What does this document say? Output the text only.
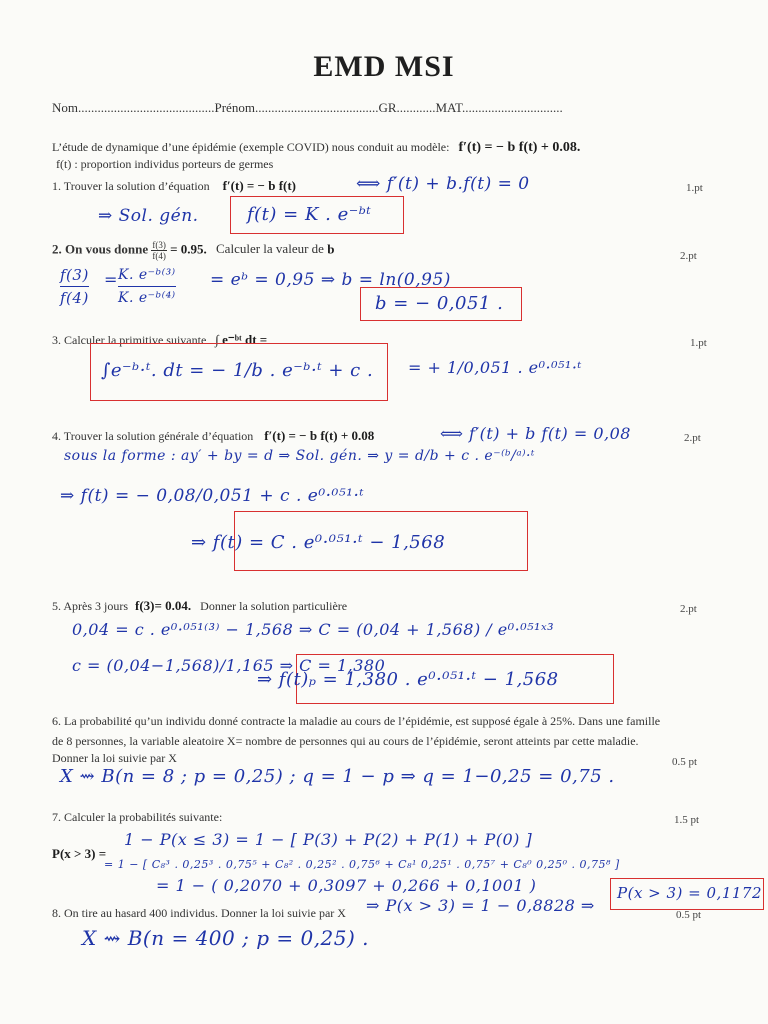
EMD MSI
Nom..........................................Prénom......................................GR............MAT...............................
L’étude de dynamique d’une épidémie (exemple COVID) nous conduit au modèle: f′(t) = − b f(t) + 0.08.
f(t) : proportion individus porteurs de germes
1. Trouver la solution d’équation f′(t) = − b f(t)	1.pt
⟺ f′(t) + b.f(t) = 0
⇒ Sol. gén.	f(t) = K . e⁻ᵇᵗ
2. On vous donne $\frac{f(3)}{f(4)} = 0.95$. Calculer la valeur de b	2.pt
$\frac{f(3)}{f(4)} = \frac{\text{K. e⁻ᵇ⁽³⁾}}{\text{K. e⁻ᵇ⁽⁴⁾}}$ = eᵇ = 0,95 ⇒ b = ln(0,95)
b = − 0,051 .
3. Calculer la primitive suivante ∫ e⁻ᵇᵗ dt =	1.pt
∫e⁻ᵇ·ᵗ. dt = − 1/b . e⁻ᵇ·ᵗ + c . = + 1/0,051 . e⁰·⁰⁵¹·ᵗ
4. Trouver la solution générale d’équation f′(t) = − b f(t) + 0.08	2.pt
⟺ f′(t) + b f(t) = 0,08
sous la forme : ay′ + by = d ⇒ Sol. gén. ⇒ y = d/b + c . e⁻⁽ᵇ/ᵃ⁾·ᵗ
⇒ f(t) = − 0,08/0,051 + c . e⁰·⁰⁵¹·ᵗ
⇒ f(t) = C . e⁰·⁰⁵¹·ᵗ − 1,568
5. Après 3 jours f(3)= 0.04. Donner la solution particulière	2.pt
0,04 = c . e⁰·⁰⁵¹⁽³⁾ − 1,568 ⇒ C = (0,04 + 1,568) / e⁰·⁰⁵¹ˣ³
c = (0,04−1,568)/1,165 ⇒ C = 1,380
⇒ f(t)ₚ = 1,380 . e⁰·⁰⁵¹·ᵗ − 1,568
6. La probabilité qu’un individu donné contracte la maladie au cours de l’épidémie, est supposé égale à 25%. Dans une famille
de 8 personnes, la variable aleatoire X= nombre de personnes qui au cours de l’épidémie, seront atteints par cette maladie.
Donner la loi suivie par X	0.5 pt
X ⇝ B(n = 8 ; p = 0,25) ; q = 1 − p ⇒ q = 1−0,25 = 0,75 .
7. Calculer la probabilités suivante:	1.5 pt
P(x > 3) =
1 − P(x ≤ 3) = 1 − [ P(3) + P(2) + P(1) + P(0) ]
= 1 − [ C₈³ . 0,25³ . 0,75⁵ + C₈² . 0,25² . 0,75⁶ + C₈¹ 0,25¹ . 0,75⁷ + C₈⁰ 0,25⁰ . 0,75⁸ ]
= 1 − ( 0,2070 + 0,3097 + 0,266 + 0,1001 )
⇒ P(x > 3) = 1 − 0,8828 ⇒
P(x > 3) = 0,1172
8. On tire au hasard 400 individus. Donner la loi suivie par X	0.5 pt
X ⇝ B(n = 400 ; p = 0,25) .
